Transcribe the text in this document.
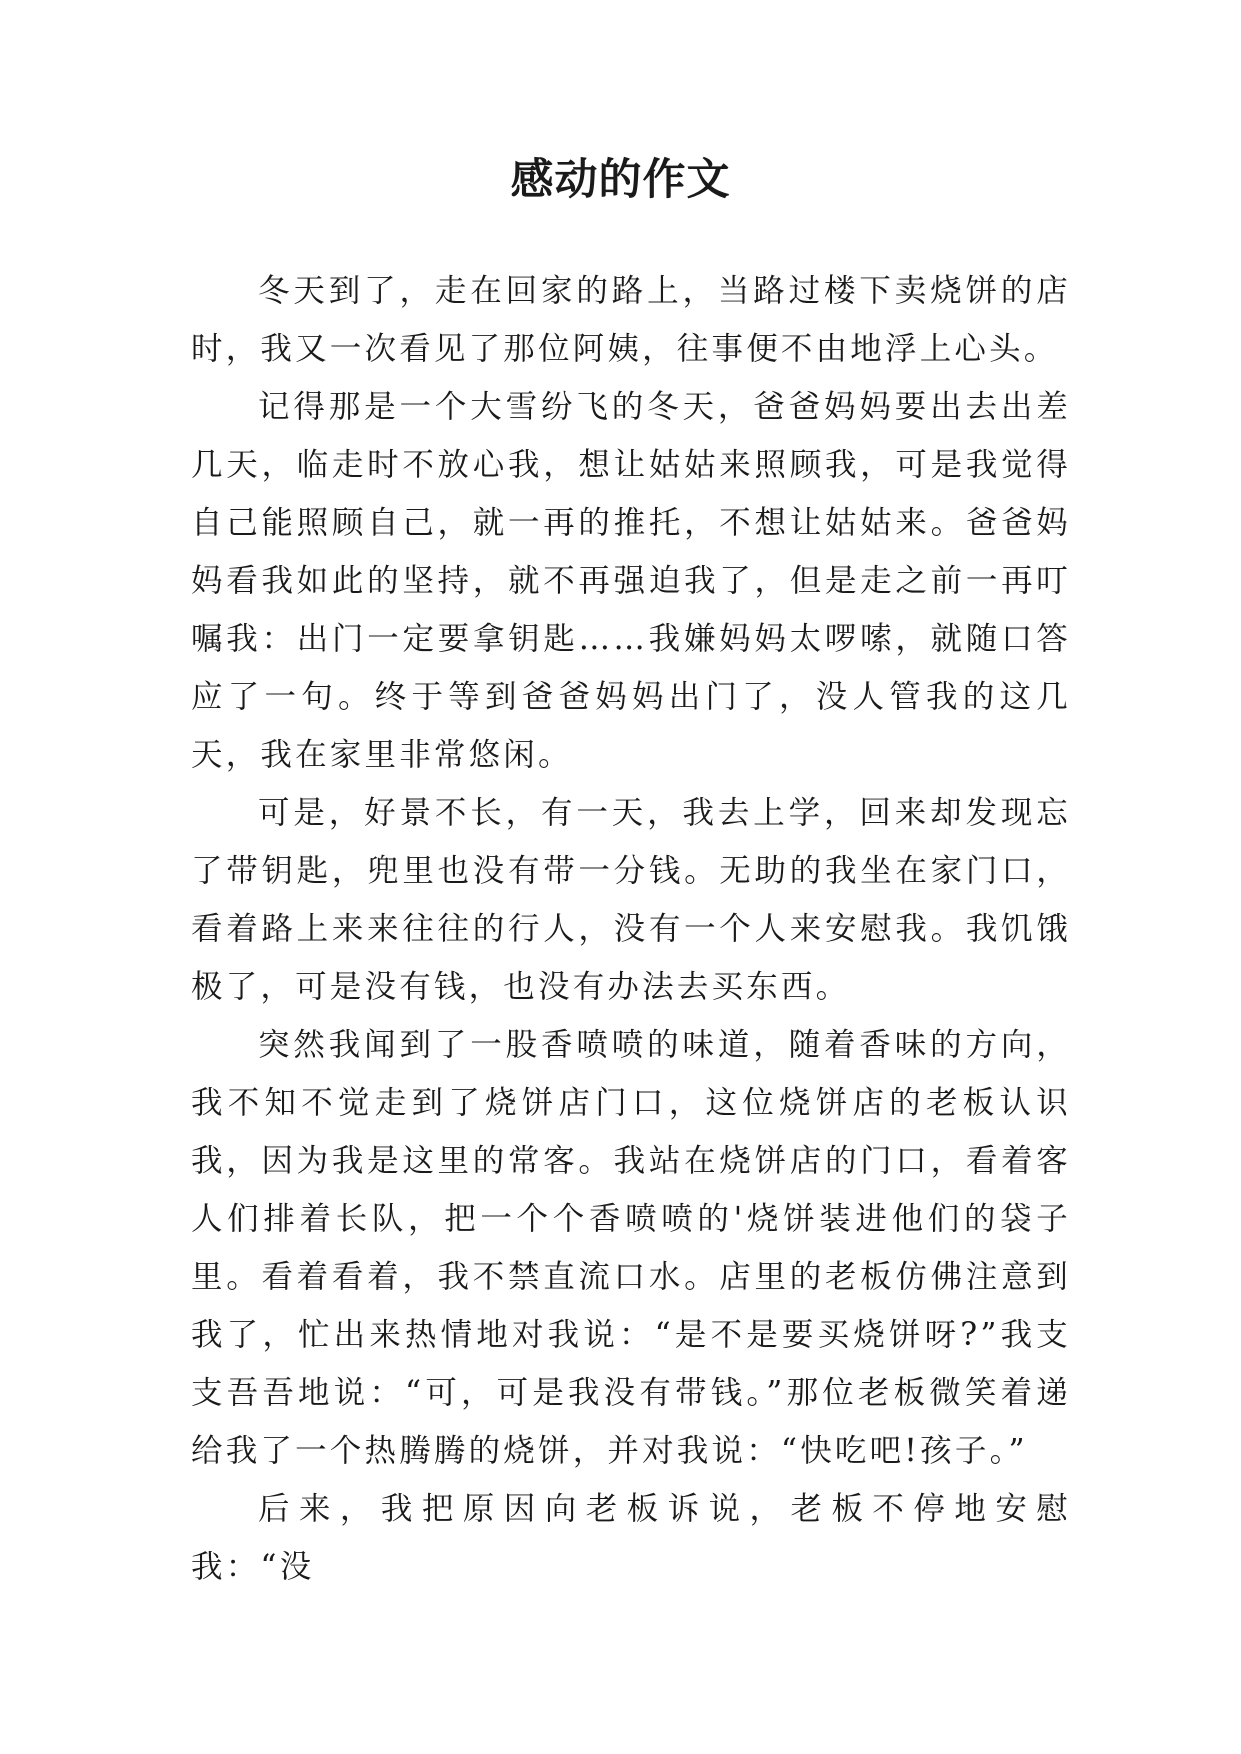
感动的作文

冬天到了，走在回家的路上，当路过楼下卖烧饼的店时，我又一次看见了那位阿姨，往事便不由地浮上心头。

记得那是一个大雪纷飞的冬天，爸爸妈妈要出去出差几天，临走时不放心我，想让姑姑来照顾我，可是我觉得自己能照顾自己，就一再的推托，不想让姑姑来。爸爸妈妈看我如此的坚持，就不再强迫我了，但是走之前一再叮嘱我：出门一定要拿钥匙……我嫌妈妈太啰嗦，就随口答应了一句。终于等到爸爸妈妈出门了，没人管我的这几天，我在家里非常悠闲。

可是，好景不长，有一天，我去上学，回来却发现忘了带钥匙，兜里也没有带一分钱。无助的我坐在家门口，看着路上来来往往的行人，没有一个人来安慰我。我饥饿极了，可是没有钱，也没有办法去买东西。

突然我闻到了一股香喷喷的味道，随着香味的方向，我不知不觉走到了烧饼店门口，这位烧饼店的老板认识我，因为我是这里的常客。我站在烧饼店的门口，看着客人们排着长队，把一个个香喷喷的'烧饼装进他们的袋子里。看着看着，我不禁直流口水。店里的老板仿佛注意到我了，忙出来热情地对我说：“是不是要买烧饼呀?”我支支吾吾地说：“可，可是我没有带钱。”那位老板微笑着递给我了一个热腾腾的烧饼，并对我说：“快吃吧!孩子。”

后来，我把原因向老板诉说，老板不停地安慰我：“没
